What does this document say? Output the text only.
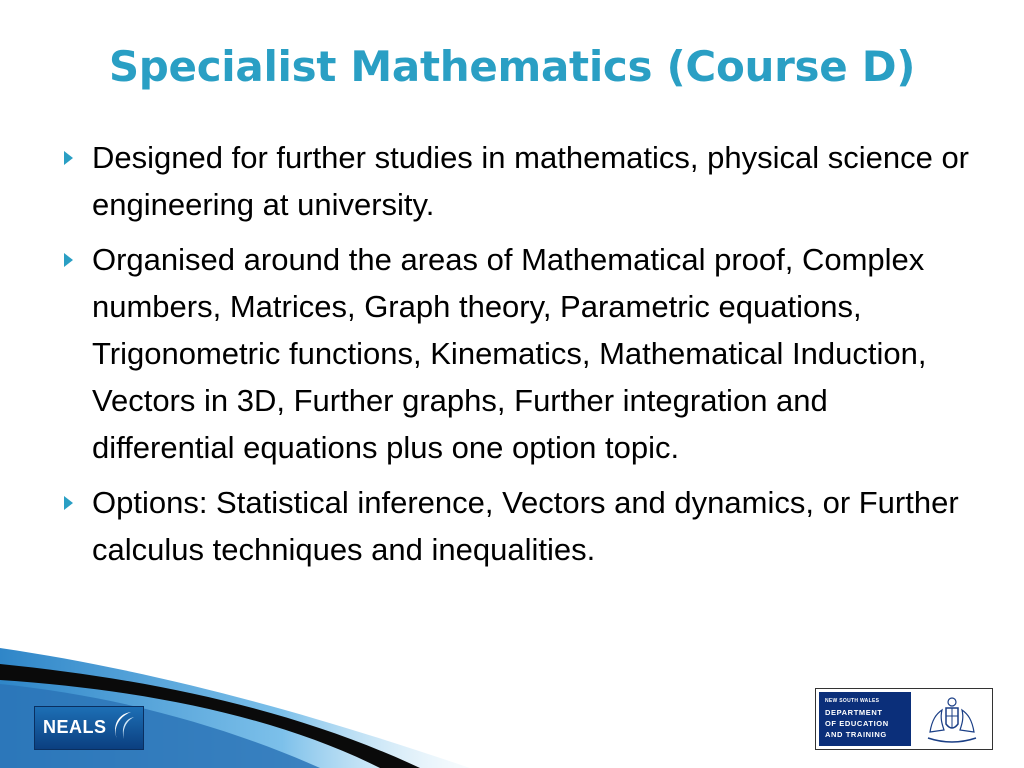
Specialist Mathematics (Course D)
Designed for further studies in mathematics, physical science or engineering at university.
Organised around the areas of Mathematical proof, Complex numbers, Matrices, Graph theory, Parametric equations, Trigonometric functions, Kinematics, Mathematical Induction, Vectors in 3D, Further graphs, Further integration and differential equations plus one option topic.
Options: Statistical inference, Vectors and dynamics, or Further calculus techniques and inequalities.
NEALS
NEW SOUTH WALES
DEPARTMENT
OF EDUCATION
AND TRAINING
